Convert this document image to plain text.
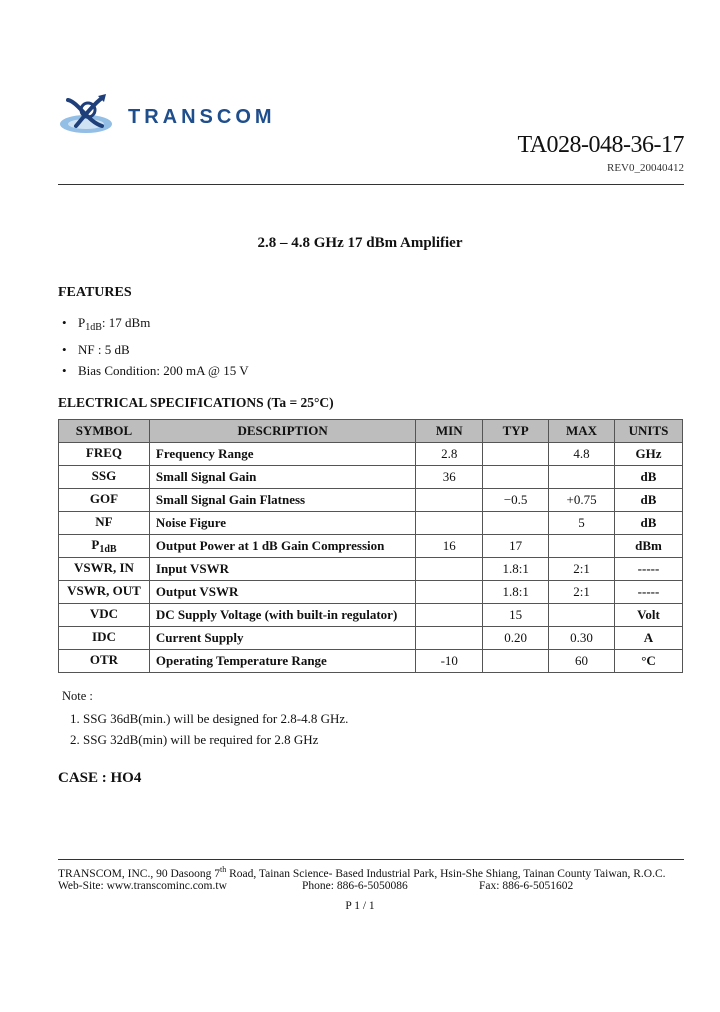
TRANSCOM
TA028-048-36-17
REV0_20040412
2.8 – 4.8 GHz 17 dBm Amplifier
FEATURES
• $P_{1dB}$: 17 dBm
• NF : 5 dB
• Bias Condition: 200 mA @ 15 V
ELECTRICAL SPECIFICATIONS (Ta = 25°C)
SYMBOL	DESCRIPTION	MIN	TYP	MAX	UNITS
FREQ	Frequency Range	2.8		4.8	GHz
SSG	Small Signal Gain	36			dB
GOF	Small Signal Gain Flatness		−0.5	+0.75	dB
NF	Noise Figure			5	dB
$P_{1dB}$	Output Power at 1 dB Gain Compression	16	17		dBm
VSWR, IN	Input VSWR		1.8:1	2:1	-----
VSWR, OUT	Output VSWR		1.8:1	2:1	-----
VDC	DC Supply Voltage (with built-in regulator)		15		Volt
IDC	Current Supply		0.20	0.30	A
OTR	Operating Temperature Range	-10		60	°C
Note :
1. SSG 36dB(min.) will be designed for 2.8-4.8 GHz.
2. SSG 32dB(min) will be required for 2.8 GHz
CASE : HO4
TRANSCOM, INC., 90 Dasoong 7th Road, Tainan Science- Based Industrial Park, Hsin-She Shiang, Tainan County Taiwan, R.O.C.
Web-Site: www.transcominc.com.tw	Phone: 886-6-5050086	Fax: 886-6-5051602
P 1 / 1
